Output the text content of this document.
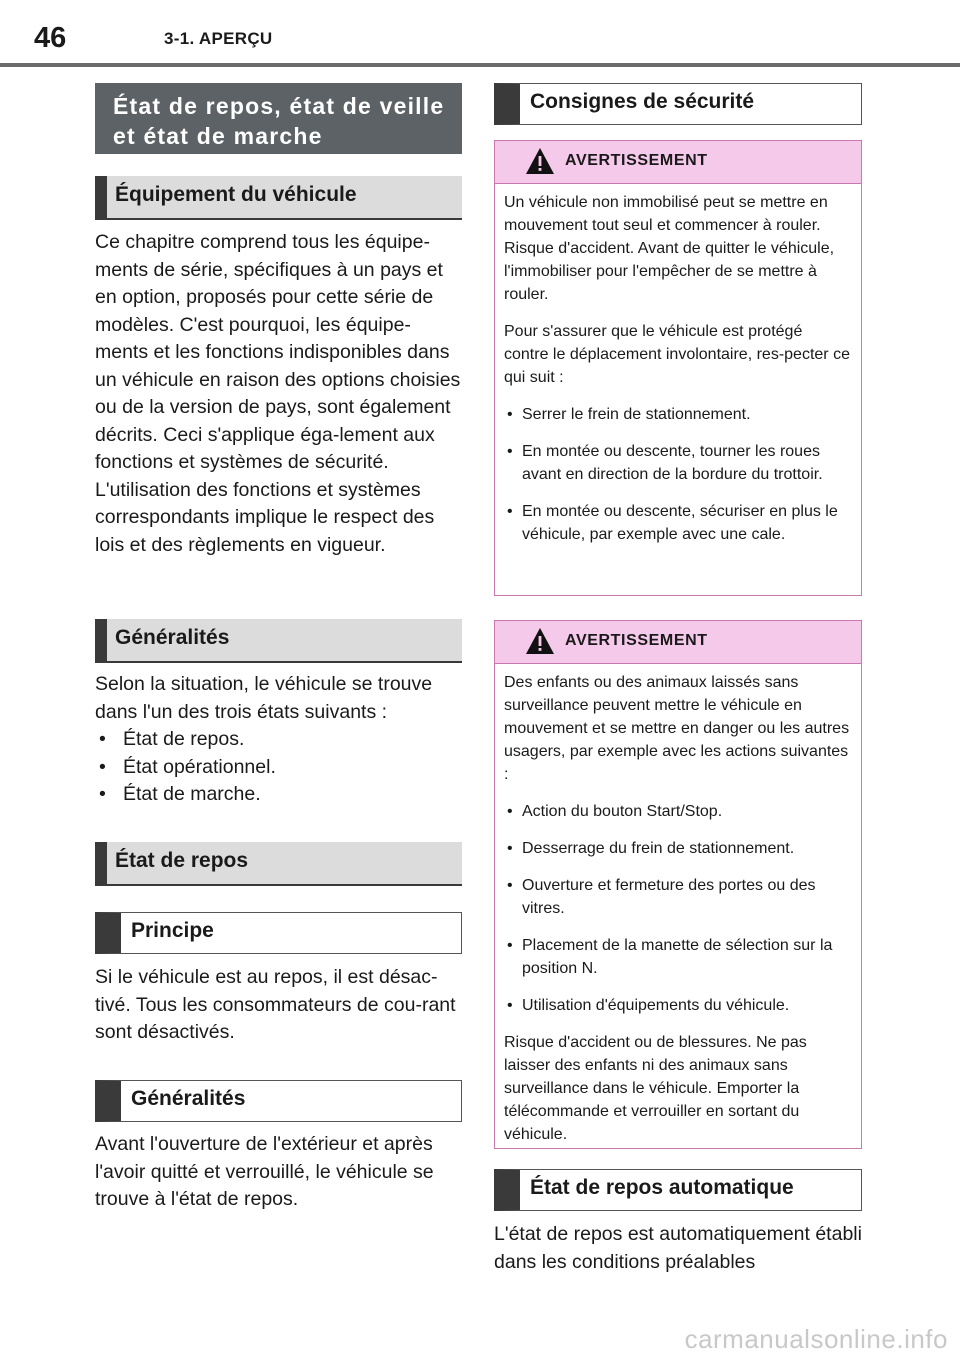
46	3-1. APERÇU
État de repos, état de veille et état de marche
Équipement du véhicule

Ce chapitre comprend tous les équipe-ments de série, spécifiques à un pays et en option, proposés pour cette série de modèles. C'est pourquoi, les équipe-ments et les fonctions indisponibles dans un véhicule en raison des options choisies ou de la version de pays, sont également décrits. Ceci s'applique éga-lement aux fonctions et systèmes de sécurité. L'utilisation des fonctions et systèmes correspondants implique le respect des lois et des règlements en vigueur.

Généralités
Selon la situation, le véhicule se trouve dans l'un des trois états suivants :
• État de repos.
• État opérationnel.
• État de marche.
État de repos
Principe

Si le véhicule est au repos, il est désac-tivé. Tous les consommateurs de cou-rant sont désactivés.

Généralités

Avant l'ouverture de l'extérieur et après l'avoir quitté et verrouillé, le véhicule se trouve à l'état de repos.

Consignes de sécurité
AVERTISSEMENT

Un véhicule non immobilisé peut se mettre en mouvement tout seul et commencer à rouler. Risque d'accident. Avant de quitter le véhicule, l'immobiliser pour l'empêcher de se mettre à rouler.

Pour s'assurer que le véhicule est protégé contre le déplacement involontaire, res-pecter ce qui suit :

• Serrer le frein de stationnement.
• En montée ou descente, tourner les roues avant en direction de la bordure du trottoir.
• En montée ou descente, sécuriser en plus le véhicule, par exemple avec une cale.
AVERTISSEMENT

Des enfants ou des animaux laissés sans surveillance peuvent mettre le véhicule en mouvement et se mettre en danger ou les autres usagers, par exemple avec les actions suivantes :

• Action du bouton Start/Stop.
• Desserrage du frein de stationnement.
• Ouverture et fermeture des portes ou des vitres.
• Placement de la manette de sélection sur la position N.
• Utilisation d'équipements du véhicule.

Risque d'accident ou de blessures. Ne pas laisser des enfants ni des animaux sans surveillance dans le véhicule. Emporter la télécommande et verrouiller en sortant du véhicule.

État de repos automatique

L'état de repos est automatiquement établi dans les conditions préalables

carmanualsonline.info
